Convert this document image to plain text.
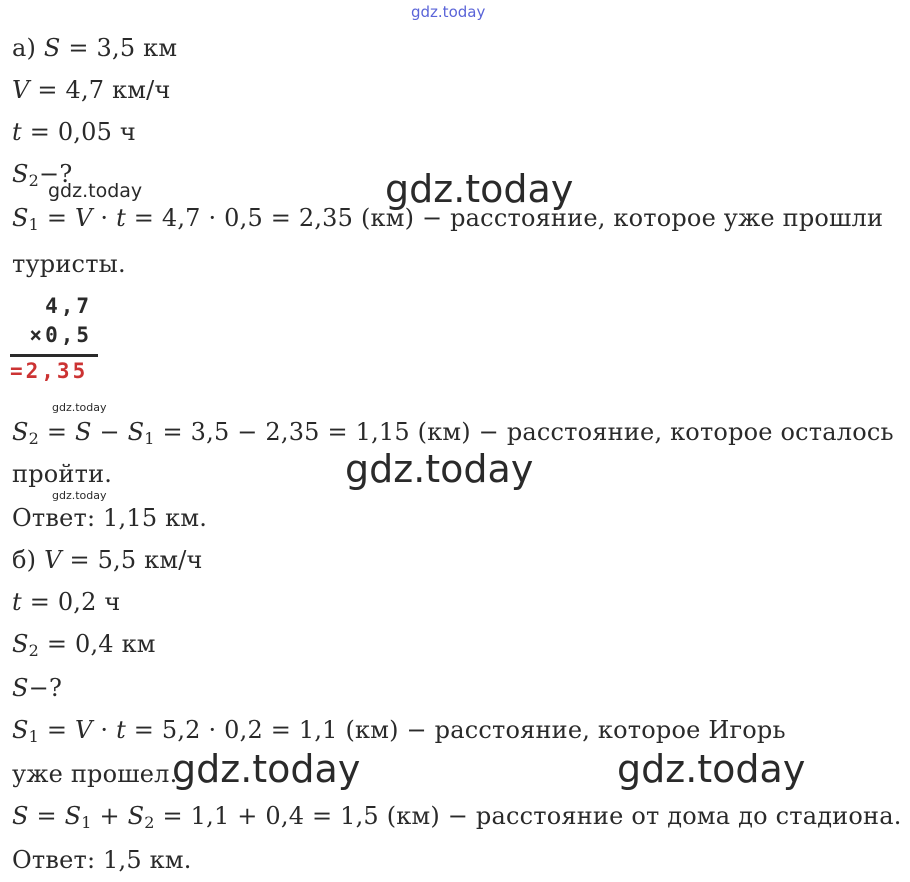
gdz.today
gdz.today
gdz.today
gdz.today
gdz.today
gdz.today
gdz.today	gdz.today
а) S = 3,5 км
V = 4,7 км/ч
t = 0,05 ч
$S_2-$?
$S_1 = V \cdot t = 4,7 \cdot 0,5 = 2,35$ (км) − расстояние, которое уже прошли
туристы.
4,7
×0,5
=2,35
$S_2 = S - S_1 = 3,5 - 2,35 = 1,15$ (км) − расстояние, которое осталось
пройти.
Ответ: 1,15 км.
б) V = 5,5 км/ч
t = 0,2 ч
$S_2 = 0,4$ км
S−?
$S_1 = V \cdot t = 5,2 \cdot 0,2 = 1,1$ (км) − расстояние, которое Игорь
уже прошел.
$S = S_1 + S_2 = 1,1 + 0,4 = 1,5$ (км) − расстояние от дома до стадиона.
Ответ: 1,5 км.
